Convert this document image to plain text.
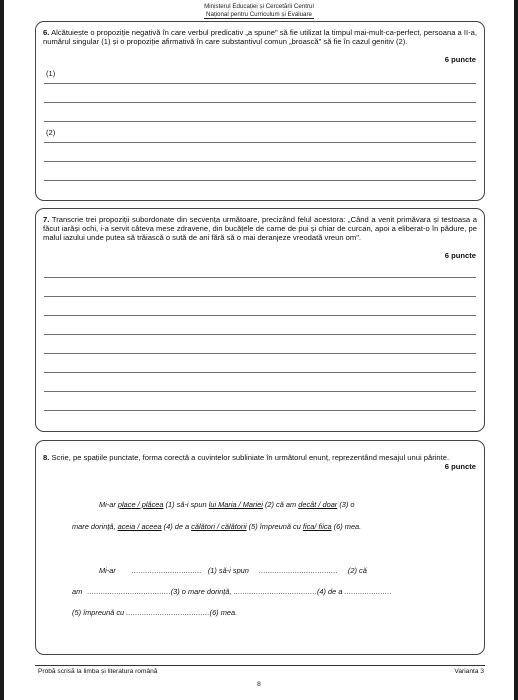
Ministerul Educației și Cercetării Centrul
Național pentru Curriculum și Evaluare
6. Alcătuiește o propoziție negativă în care verbul predicativ „a spune" să fie utilizat la timpul mai-mult-ca-perfect, persoana a II-a, numărul singular (1) și o propoziție afirmativă în care substantivul comun „broască" să fie în cazul genitiv (2).
6 puncte
(1)
(2)
7. Transcrie trei propoziții subordonate din secvența următoare, precizând felul acestora: „Când a venit primăvara și testoasa a făcut iarăși ochi, i-a servit câteva mese zdravene, din bucățele de carne de pui și chiar de curcan, apoi a eliberat-o în pădure, pe malul iazului unde putea să trăiască o sută de ani fără să o mai deranjeze vreodată vreun om".
6 puncte
8. Scrie, pe spațiile punctate, forma corectă a cuvintelor subliniate în următorul enunț, reprezentând mesajul unui părinte.
6 puncte
Mi-ar place / plăcea (1) să-i spun lui Maria / Mariei (2) că am decât / doar (3) o
mare dorință, aceia / aceea (4) de a călători / călătorii (5) împreună cu fica/ fiica (6) mea.
Mi-ar ............................... (1) să-i spun ................................... (2) că
am .....................................(3) o mare dorință, .....................................(4) de a .....................
(5) împreună cu .....................................(6) mea.
Probă scrisă la limba și literatura română	Varianta 3
8
